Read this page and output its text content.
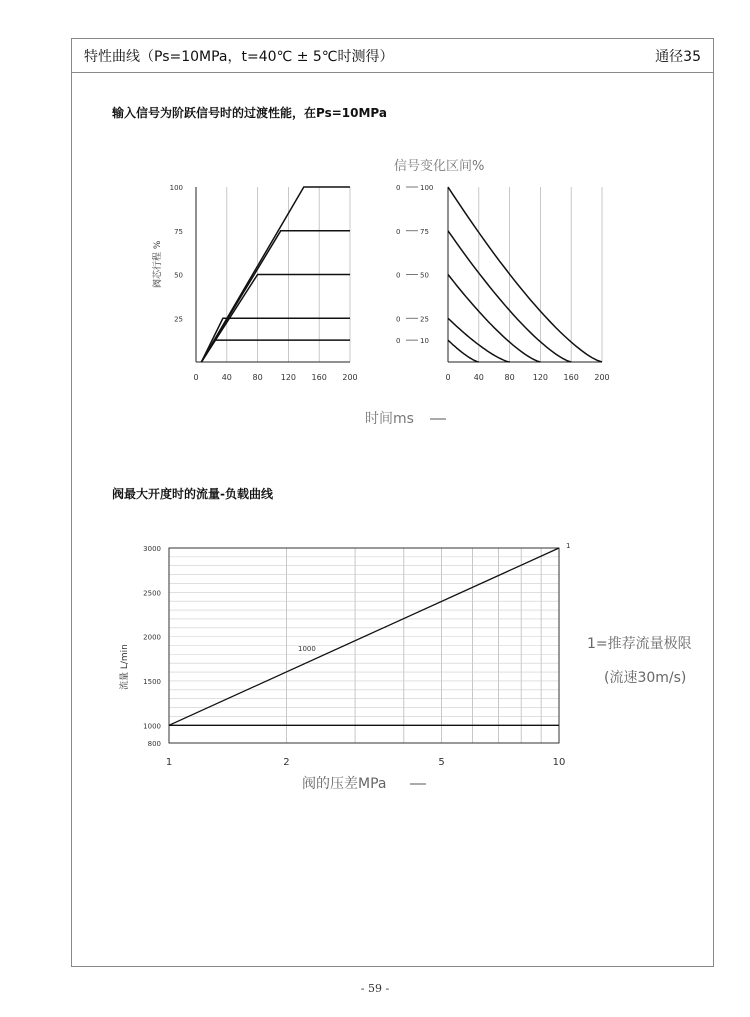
特性曲线（Ps=10MPa，t=40℃ ± 5℃时测得）	通径35
输入信号为阶跃信号时的过渡性能，在Ps=10MPa
阀最大开度时的流量-负载曲线
0	40	80 120 160 200
25
50
75
100
阀芯行程 %
信号变化区间%
0	40	80 120 160 200
0	100
0	75
0	50
0	25
0	10
时间ms
1	2	5	10
800
1000
1500
2000
2500
3000
流量 L/min
1
1000	1=推荐流量极限
(流速30m/s)
阀的压差MPa
- 59 -
